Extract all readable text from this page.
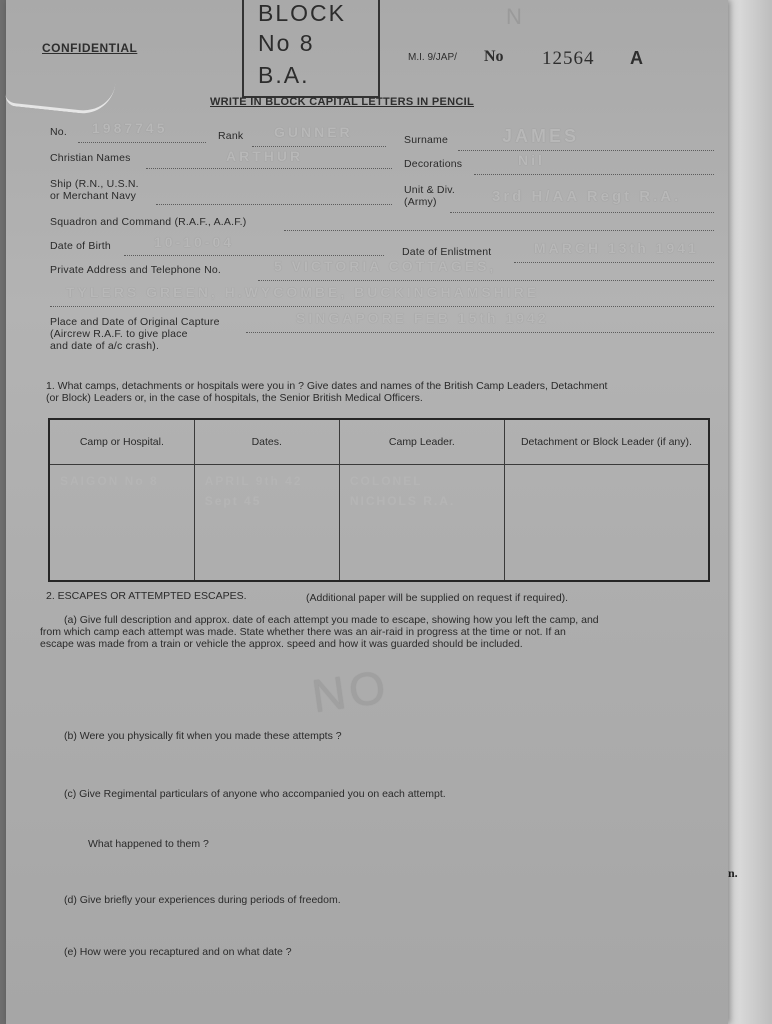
n.
CONFIDENTIAL
BLOCK
No 8
B.A.
N
M.I. 9/JAP/ No 12564 A
WRITE IN BLOCK CAPITAL LETTERS IN PENCIL
No. 1987745	Rank GUNNER	Surname	JAMES
Christian Names	ARTHUR	Decorations	Nil
Ship (R.N., U.S.N.
or Merchant Navy	Unit & Div.
(Army)	3rd H/AA Regt R.A.
Squadron and Command (R.A.F., A.A.F.)
Date of Birth	10-10-04
Date of Enlistment	MARCH 13th 1941
Private Address and Telephone No.	5 VICTORIA COTTAGES,
TYLERS GREEN, H.WYCOMBE, BUCKINGHAMSHIRE
Place and Date of Original Capture
(Aircrew R.A.F. to give place
and date of a/c crash).
SINGAPORE FEB 15th 1942
1. What camps, detachments or hospitals were you in ? Give dates and names of the British Camp Leaders, Detachment
(or Block) Leaders or, in the case of hospitals, the Senior British Medical Officers.
Camp or Hospital.	Dates.	Camp Leader.	Detachment or Block Leader (if any).
SAIGON No 8	APRIL 9th 42 Sept 45	COLONEL NICHOLS R.A.	
2. ESCAPES OR ATTEMPTED ESCAPES.	(Additional paper will be supplied on request if required).
(a) Give full description and approx. date of each attempt you made to escape, showing how you left the camp, and
from which camp each attempt was made. State whether there was an air-raid in progress at the time or not. If an
escape was made from a train or vehicle the approx. speed and how it was guarded should be included.
NO
(b) Were you physically fit when you made these attempts ?
(c) Give Regimental particulars of anyone who accompanied you on each attempt.
What happened to them ?
(d) Give briefly your experiences during periods of freedom.
(e) How were you recaptured and on what date ?
